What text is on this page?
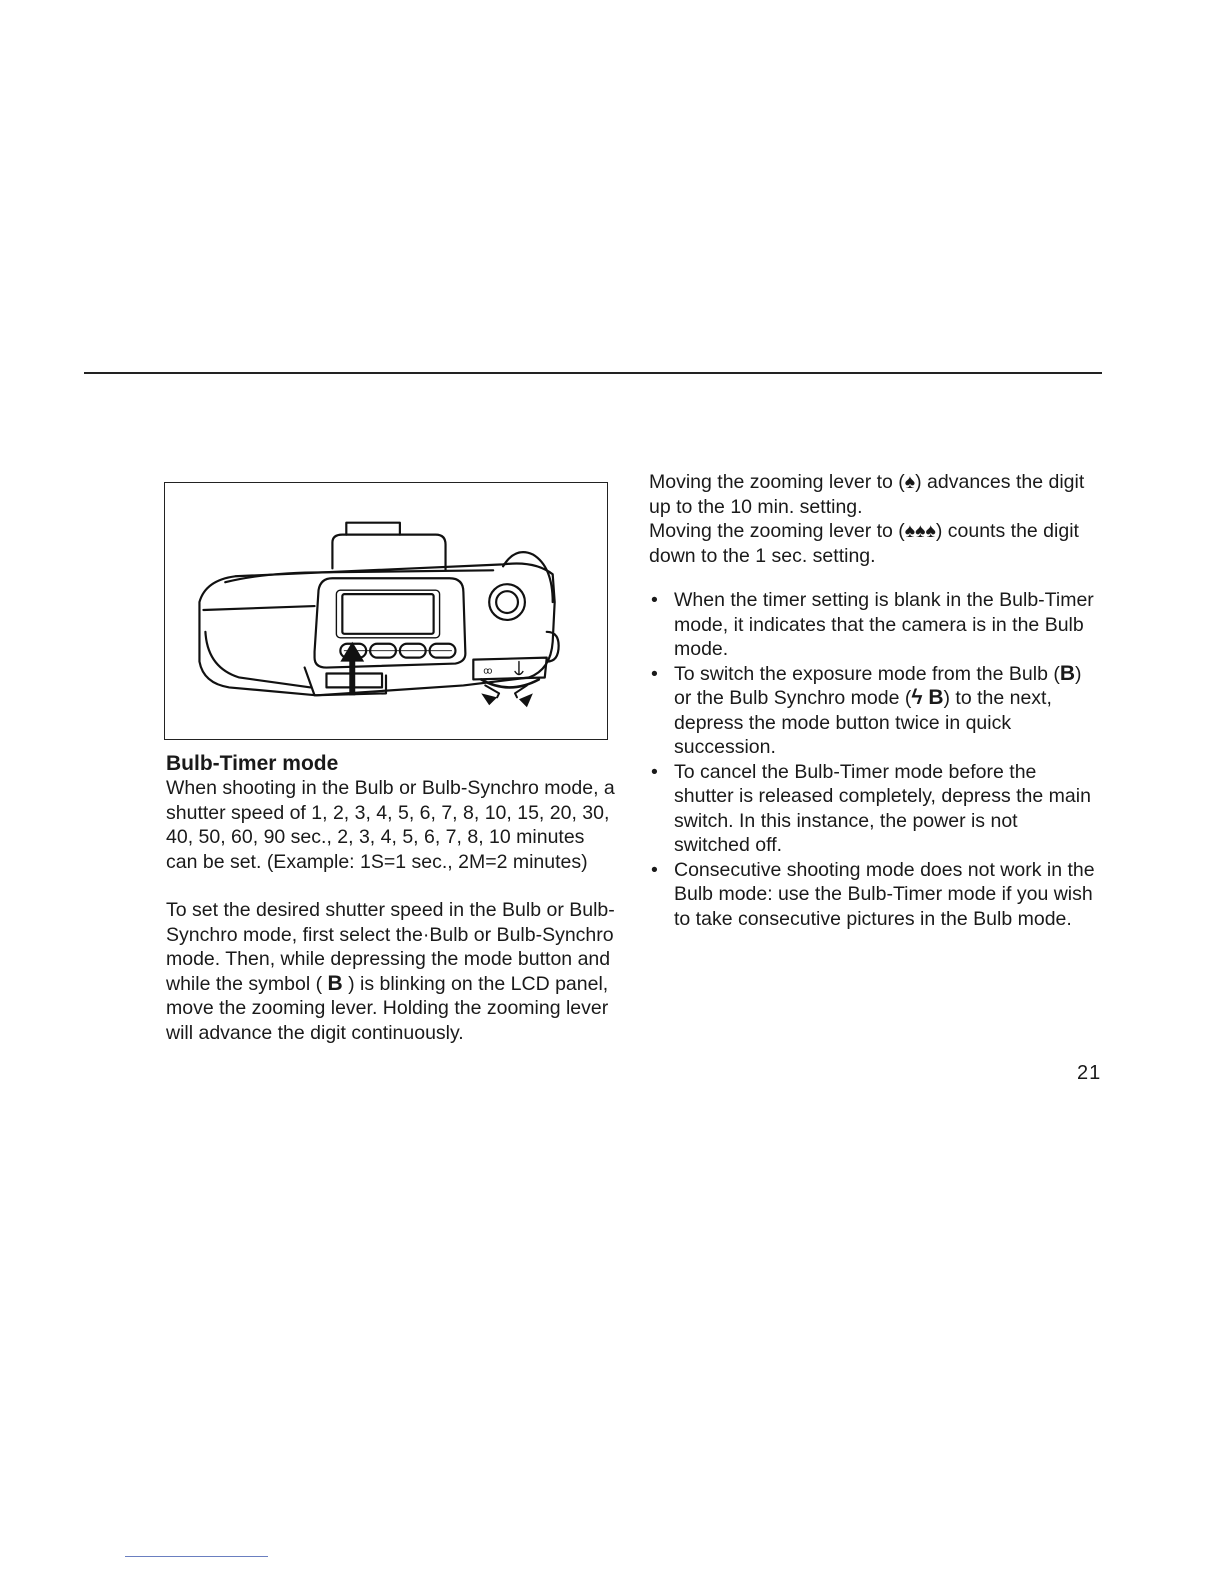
ꝏ
Bulb-Timer mode

When shooting in the Bulb or Bulb-Synchro mode, a shutter speed of 1, 2, 3, 4, 5, 6, 7, 8, 10, 15, 20, 30, 40, 50, 60, 90 sec., 2, 3, 4, 5, 6, 7, 8, 10 minutes can be set. (Example: 1S=1 sec., 2M=2 minutes)

To set the desired shutter speed in the Bulb or Bulb-Synchro mode, first select the·Bulb or Bulb-Synchro mode. Then, while depressing the mode button and while the symbol ( B ) is blinking on the LCD panel, move the zooming lever. Holding the zooming lever will advance the digit continuously.

Moving the zooming lever to (♠) advances the digit up to the 10 min. setting.

Moving the zooming lever to (♠♠♠) counts the digit down to the 1 sec. setting.

• When the timer setting is blank in the Bulb-Timer mode, it indicates that the camera is in the Bulb mode.
• To switch the exposure mode from the Bulb (B) or the Bulb Synchro mode (ϟ B) to the next, depress the mode button twice in quick succession.
• To cancel the Bulb-Timer mode before the shutter is released completely, depress the main switch. In this instance, the power is not switched off.
• Consecutive shooting mode does not work in the Bulb mode: use the Bulb-Timer mode if you wish to take consecutive pictures in the Bulb mode.
21
